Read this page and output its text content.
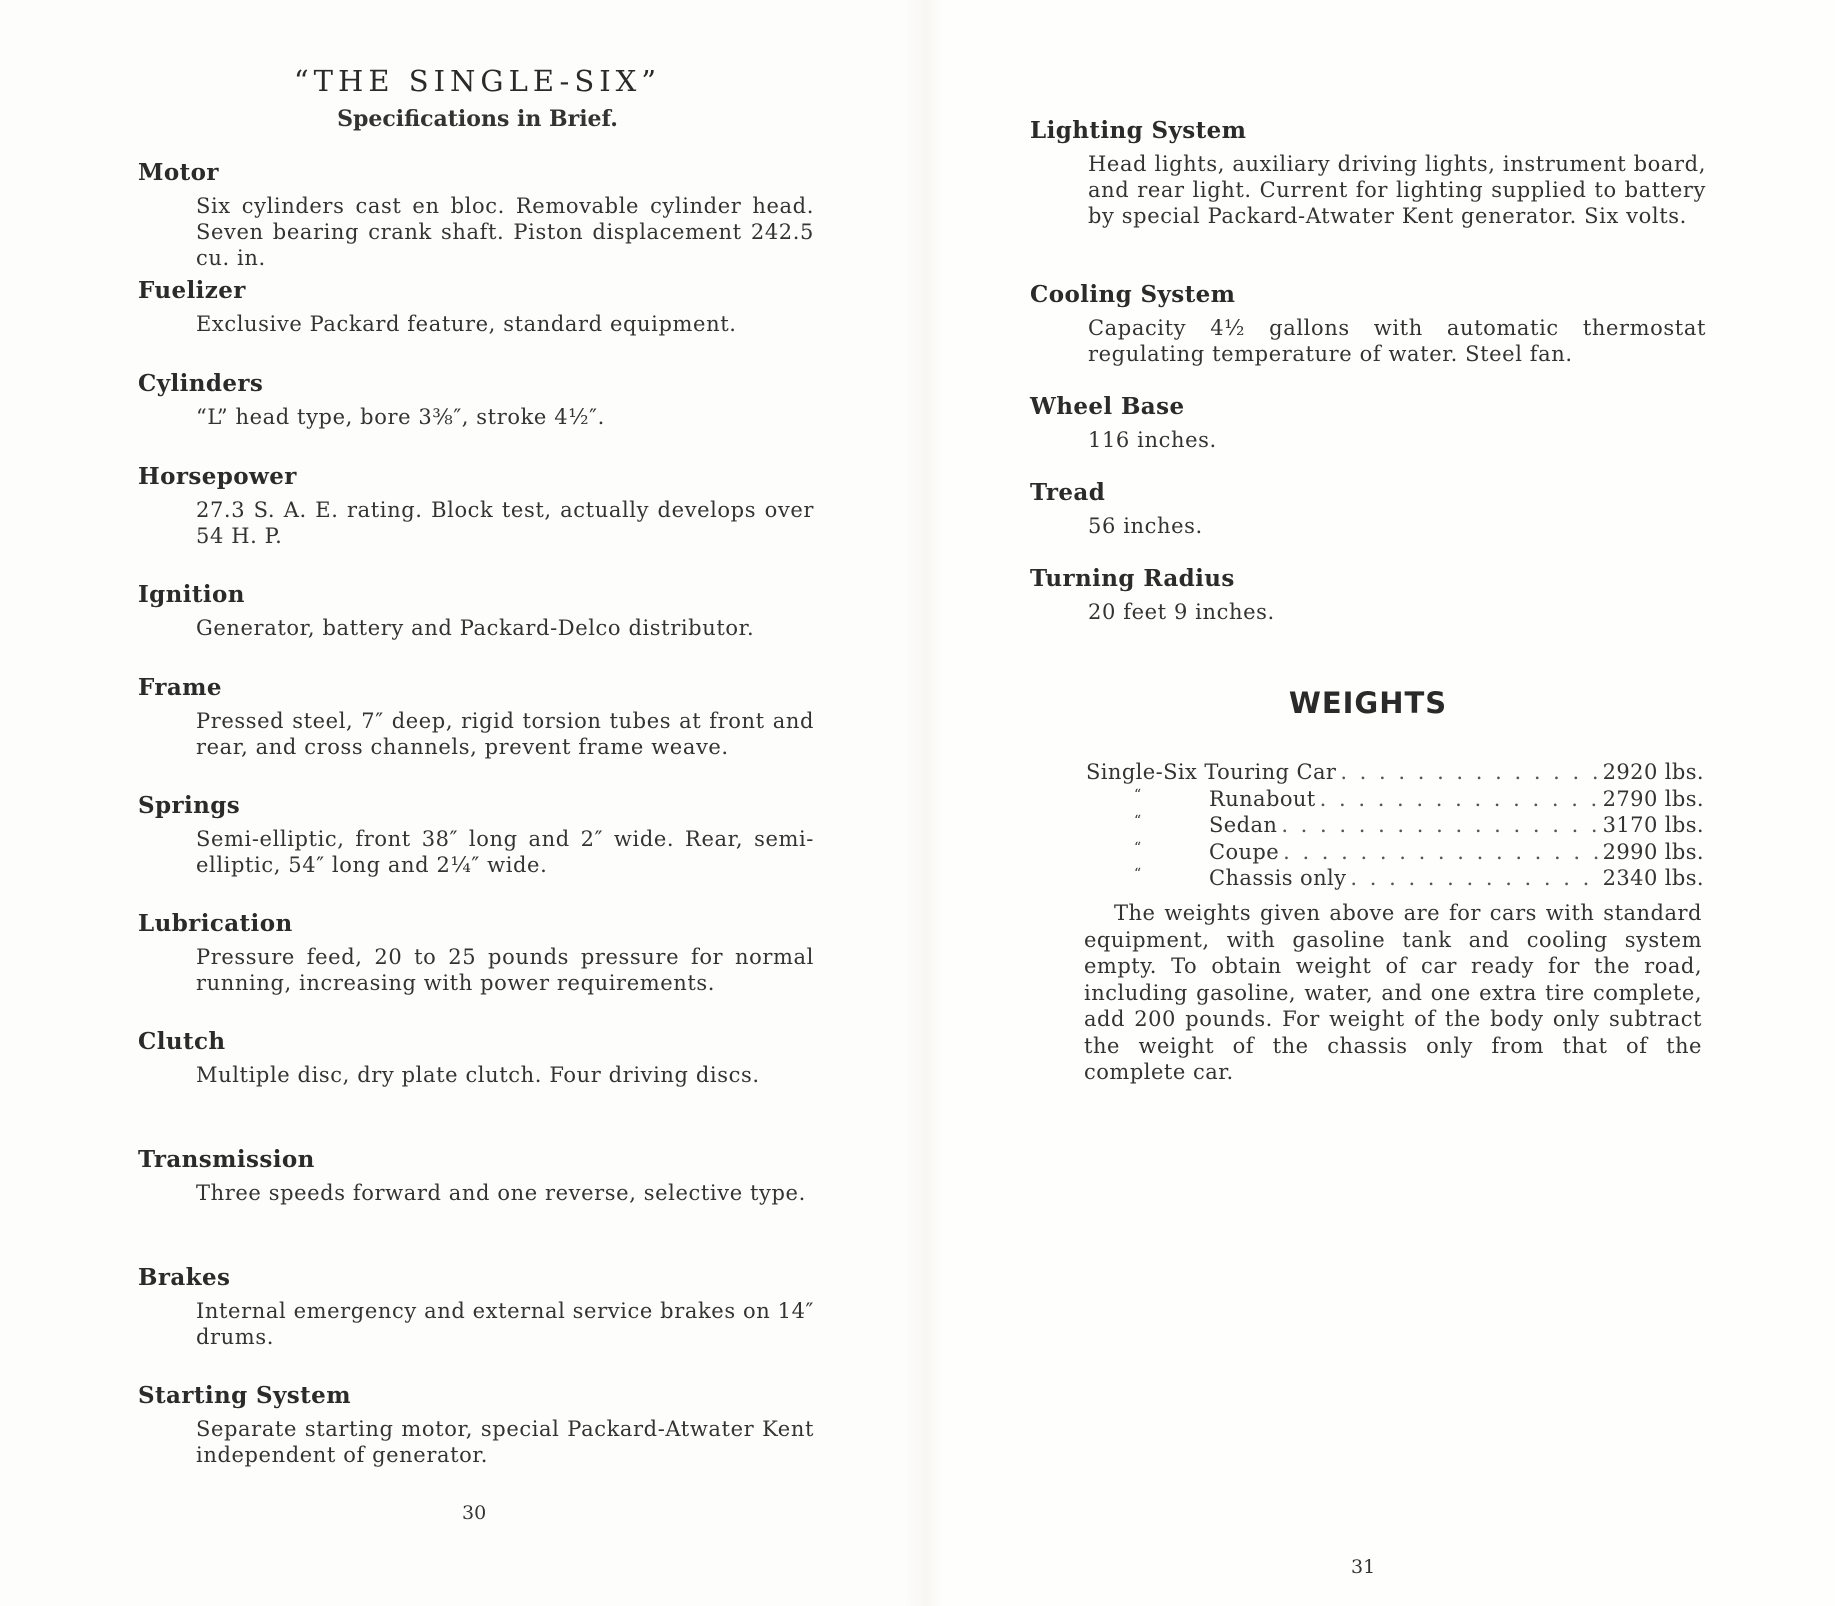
“THE SINGLE-SIX”
Specifications in Brief.
Motor

Six cylinders cast en bloc. Removable cylinder head. Seven bearing crank shaft. Piston displacement 242.5 cu. in.

Fuelizer

Exclusive Packard feature, standard equipment.

Cylinders

“L” head type, bore 3⅜″, stroke 4½″.

Horsepower

27.3 S. A. E. rating. Block test, actually develops over 54 H. P.

Ignition

Generator, battery and Packard-Delco distributor.

Frame

Pressed steel, 7″ deep, rigid torsion tubes at front and rear, and cross channels, prevent frame weave.

Springs

Semi-elliptic, front 38″ long and 2″ wide. Rear, semi-elliptic, 54″ long and 2¼″ wide.

Lubrication

Pressure feed, 20 to 25 pounds pressure for normal running, increasing with power requirements.

Clutch

Multiple disc, dry plate clutch. Four driving discs.

Transmission

Three speeds forward and one reverse, selective type.

Brakes

Internal emergency and external service brakes on 14″ drums.

Starting System

Separate starting motor, special Packard-Atwater Kent independent of generator.

30
Lighting System

Head lights, auxiliary driving lights, instrument board, and rear light. Current for lighting supplied to battery by special Packard-Atwater Kent generator. Six volts.

Cooling System

Capacity 4½ gallons with automatic thermostat regulating temperature of water. Steel fan.

Wheel Base

116 inches.

Tread

56 inches.

Turning Radius

20 feet 9 inches.

WEIGHTS
Single-Six Touring Car . . .	2920 lbs.
“	Runabout . . .	2790 lbs.
“	Sedan . . .	3170 lbs.
“	Coupe . . .	2990 lbs.
“	Chassis only . . .	2340 lbs.

The weights given above are for cars with standard equipment, with gasoline tank and cooling system empty. To obtain weight of car ready for the road, including gasoline, water, and one extra tire complete, add 200 pounds. For weight of the body only subtract the weight of the chassis only from that of the complete car.

31
